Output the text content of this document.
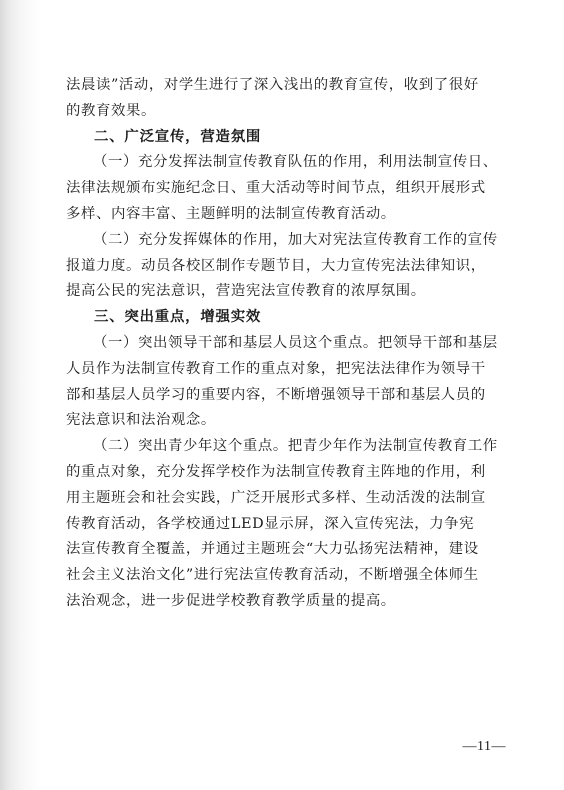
法晨读”活动，对学生进行了深入浅出的教育宣传，收到了很好
的教育效果。
二、广泛宣传，营造氛围
（一）充分发挥法制宣传教育队伍的作用，利用法制宣传日、
法律法规颁布实施纪念日、重大活动等时间节点，组织开展形式
多样、内容丰富、主题鲜明的法制宣传教育活动。
（二）充分发挥媒体的作用，加大对宪法宣传教育工作的宣传
报道力度。动员各校区制作专题节目，大力宣传宪法法律知识，
提高公民的宪法意识，营造宪法宣传教育的浓厚氛围。
三、突出重点，增强实效
（一）突出领导干部和基层人员这个重点。把领导干部和基层
人员作为法制宣传教育工作的重点对象，把宪法法律作为领导干
部和基层人员学习的重要内容，不断增强领导干部和基层人员的
宪法意识和法治观念。
（二）突出青少年这个重点。把青少年作为法制宣传教育工作
的重点对象，充分发挥学校作为法制宣传教育主阵地的作用，利
用主题班会和社会实践，广泛开展形式多样、生动活泼的法制宣
传教育活动，各学校通过LED显示屏，深入宣传宪法，力争宪
法宣传教育全覆盖，并通过主题班会“大力弘扬宪法精神，建设
社会主义法治文化”进行宪法宣传教育活动，不断增强全体师生
法治观念，进一步促进学校教育教学质量的提高。
—11—
